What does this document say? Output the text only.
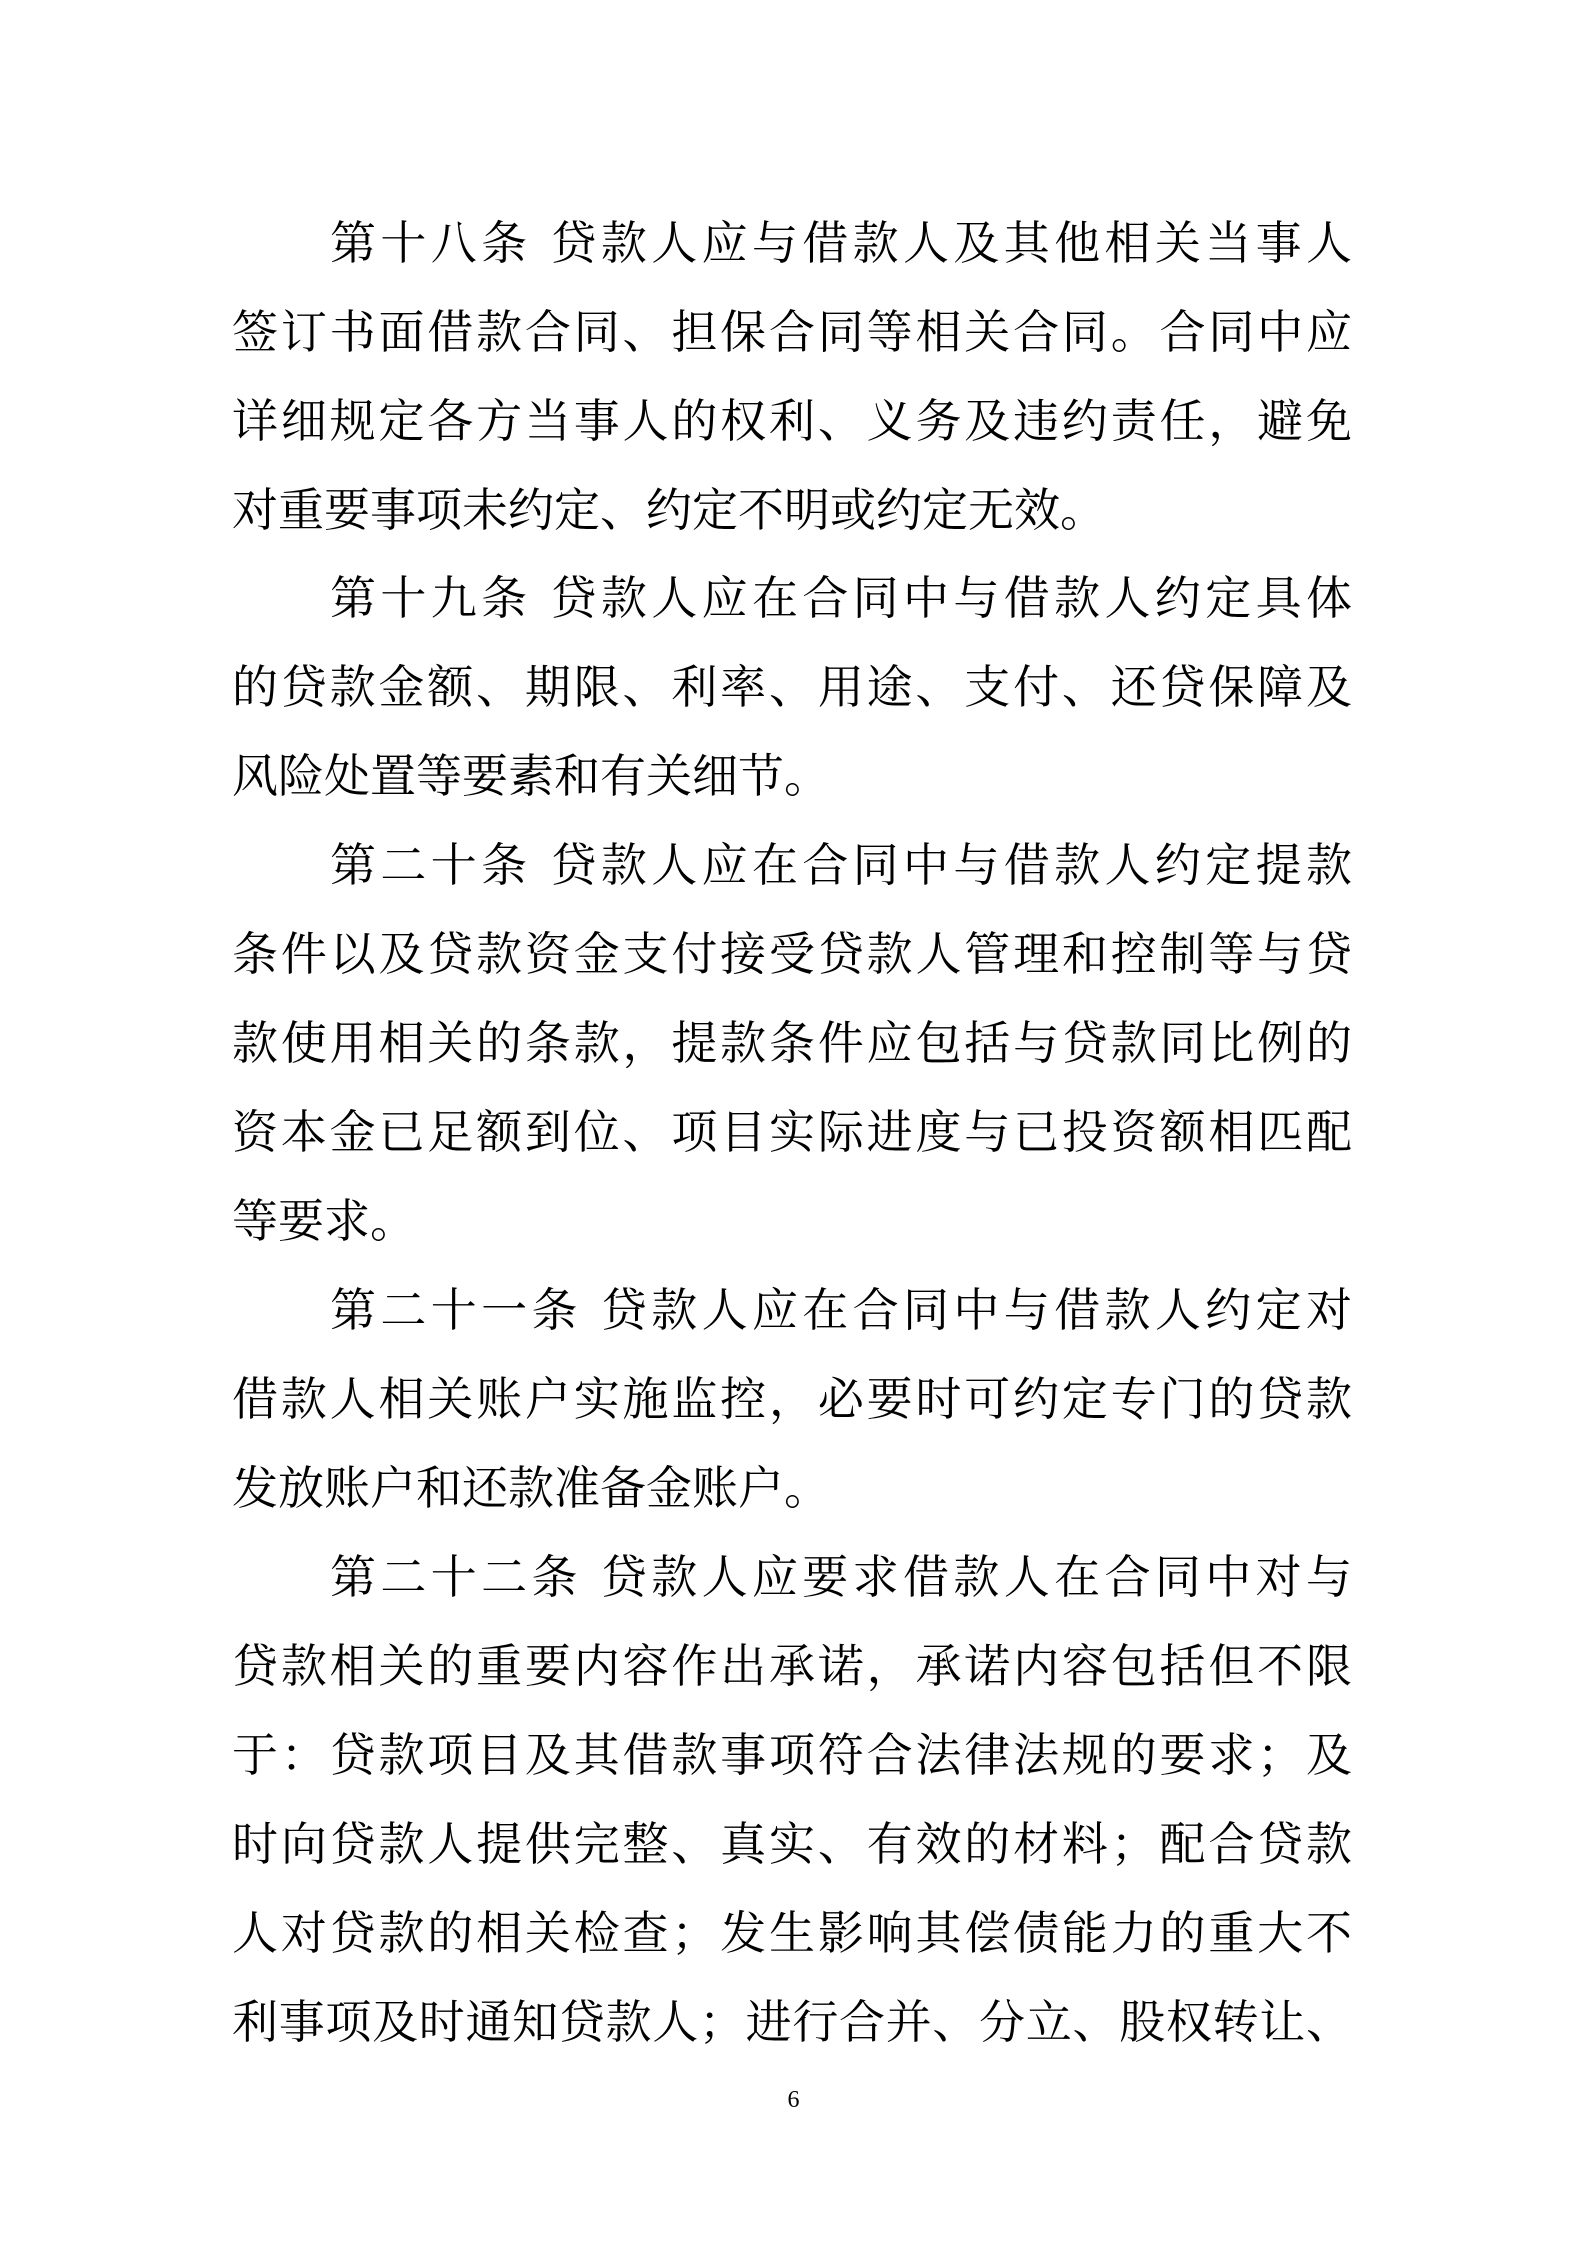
第十八条 贷款人应与借款人及其他相关当事人
签订书面借款合同、担保合同等相关合同。合同中应
详细规定各方当事人的权利、义务及违约责任，避免
对重要事项未约定、约定不明或约定无效。
第十九条 贷款人应在合同中与借款人约定具体
的贷款金额、期限、利率、用途、支付、还贷保障及
风险处置等要素和有关细节。
第二十条 贷款人应在合同中与借款人约定提款
条件以及贷款资金支付接受贷款人管理和控制等与贷
款使用相关的条款，提款条件应包括与贷款同比例的
资本金已足额到位、项目实际进度与已投资额相匹配
等要求。
第二十一条 贷款人应在合同中与借款人约定对
借款人相关账户实施监控，必要时可约定专门的贷款
发放账户和还款准备金账户。
第二十二条 贷款人应要求借款人在合同中对与
贷款相关的重要内容作出承诺，承诺内容包括但不限
于：贷款项目及其借款事项符合法律法规的要求；及
时向贷款人提供完整、真实、有效的材料；配合贷款
人对贷款的相关检查；发生影响其偿债能力的重大不
利事项及时通知贷款人；进行合并、分立、股权转让、
6
